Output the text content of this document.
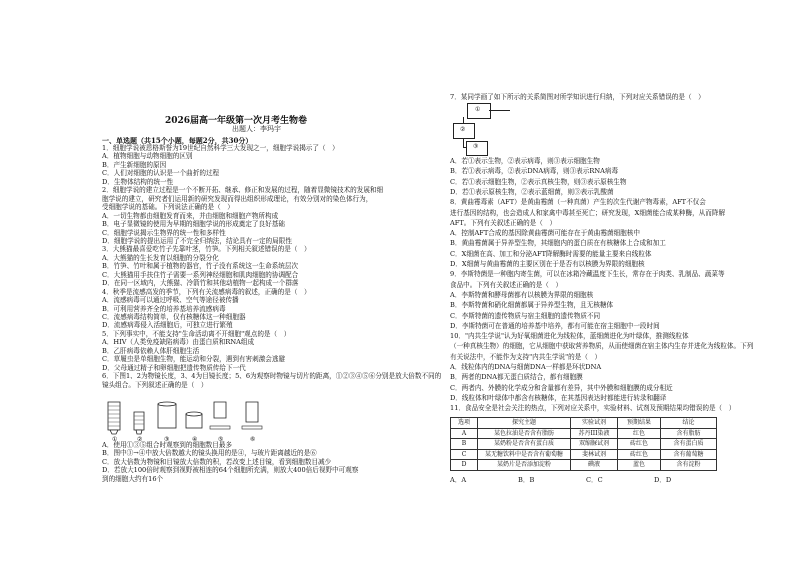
2026届高一年级第一次月考生物卷
出题人：李玛宇
一、单选题（共15个小题，每题2分，共30分）
1．细胞学说被恩格斯誉为19世纪自然科学三大发现之一，细胞学说揭示了（　）
A．植物细胞与动物细胞的区别
B．产生新细胞的原因
C．人们对细胞的认识是一个曲折的过程
D．生物体结构的统一性
2．细胞学说的建立过程是一个不断开拓、继承、修正和发展的过程，随着显微镜技术的发展和细
胞学说的建立，研究者们运用新的研究发现而得出组织形成理论，有效分别对的染色体行为，
受细胞学说的基础。下列说法正确的是（　）
A．一切生物都由细胞发育而来，并由细胞和细胞产物所构成
B．电子显微镜的使用为早期的细胞学说的形成奠定了良好基础
C．细胞学说揭示生物界的统一性和多样性
D．细胞学说的提出运用了不完全归纳法，结论具有一定的局限性
3．大熊猫最喜爱吃竹子先靠叶茎，竹笋。下列相关叙述错误的是（　）
A．大熊猫的生长发育以细胞的分裂分化
B．竹笋、竹叶和属于植物的器官，竹子没有系统这一生命系统层次
C．大熊猫用手扶住竹子需要一系列神经细胞和肌肉细胞的协调配合
D．在同一区域内，大熊猫、冷箭竹和其他动植物一起构成一个群落
4．秋季是流感高发的季节，下列有关流感病毒的叙述，正确的是（　）
A．流感病毒可以通过呼吸、空气等途径被传播
B．可利用营养齐全的培养基培养流感病毒
C．流感病毒结构简单，仅有核糖体这一种细胞器
D．流感病毒侵入活细胞后，可独立进行繁殖
5．下列事实中，不能支持"生命活动离不开细胞"观点的是（　）
A．HIV（人类免疫缺陷病毒）由蛋白质和RNA组成
B．乙肝病毒依赖人体肝细胞生活
C．草履虫是单细胞生物，能运动和分裂，遇到有害刺激会逃避
D．父母通过精子和卵细胞把遗传物质传给下一代
6．下图1、2为物镜长度，3、4为目镜长度；5、6为观察时物镜与切片的距离，①②③④⑤⑥分别是放大倍数不同的
镜头组合。下列叙述正确的是（　）
A．使用①③⑤组合时观察到的细胞数目最多
B．图中③→④中放大倍数越大的镜头换用的是④，与玻片距离越近的是⑥
C．放大倍数为物镜和目镜放大倍数的积，若改变上述目镜，看到细胞数目减少
D．若放大100倍时观察到视野被相连的64个细胞所充满，则放大400倍后视野中可观察
到的细胞大约有16个
①	②	③	④	⑤	⑥
7．某同学画了如下所示的关系简图对所学知识进行归纳，下列对应关系错误的是（　）
①
②
③
A．若①表示生物，②表示病毒，则③表示细胞生物
B．若①表示病毒，②表示DNA病毒，则③表示RNA病毒
C．若①表示细胞生物，②表示真核生物，则③表示原核生物
D．若①表示原核生物，②表示蓝细菌，则③表示乳酸菌
8．黄曲霉毒素（AFT）是黄曲霉菌（一种真菌）产生的次生代谢产物毒素，AFT不仅会
进行基因的结构，也会造成人和家禽中毒甚至死亡；研究发现，X细菌能合成某种酶，从而降解
AFT。下列有关叙述正确的是（　）
A．控制AFT合成的基因除黄曲霉菌可能存在于黄曲霉菌细胞核中
B．黄曲霉菌属于异养型生物，其细胞内的蛋白质在有核糖体上合成和加工
C．X细菌在高、加工和分泌AFT降解酶时需要的能量主要来自线粒体
D．X细菌与黄曲霉菌的主要区别在于是否有以核膜为界限的细胞核
9．李斯特菌是一种胞内寄生菌，可以在冰箱冷藏温度下生长，常存在于肉类、乳制品、蔬菜等
食品中。下列有关叙述正确的是（　）
A．李斯特菌和酵母菌都有以核膜为界限的细胞核
B．李斯特菌和硝化细菌都属于异养型生物，且无核糖体
C．李斯特菌的遗传物质与宿主细胞的遗传物质不同
D．李斯特菌可在普通的培养基中培养，都有可能在宿主细胞中一段时间
10．"内共生学说"认为好氧细菌进化为线粒体，蓝细菌进化为叶绿体，推测线粒体
（一种真核生物）的细胞，它从细胞中获取营养物质，从而使细菌在宿主体内生存并进化为线粒体。下列
有关说法中，不能作为支持"内共生学说"的是（　）
A．线粒体内的DNA与细菌DNA一样都是环状DNA
B．两者的DNA都无蛋白质结合，都有细胞膜
C．两者内、外膜的化学成分和含量都有差异，其中外膜和细胞膜的成分相近
D．线粒体和叶绿体中都含有核糖体，在其基因表达时都能进行转录和翻译
11．食品安全是社会关注的热点，下列对应关系中，实验材料、试剂及预期结果均错误的是（　）
选项	探究主题	实验试剂	预期结果	结论
A	某色拉油是否含有脂肪	苏丹III染液	红色	含有脂肪
B	某奶粉是否含有蛋白质	双缩脲试剂	砖红色	含有蛋白质
C	某无糖饮料中是否含有葡萄糖	斐林试剂	砖红色	含有葡萄糖
D	某奶片是否添加淀粉	碘液	蓝色	含有淀粉
A．A	B．B	C．C	D．D
